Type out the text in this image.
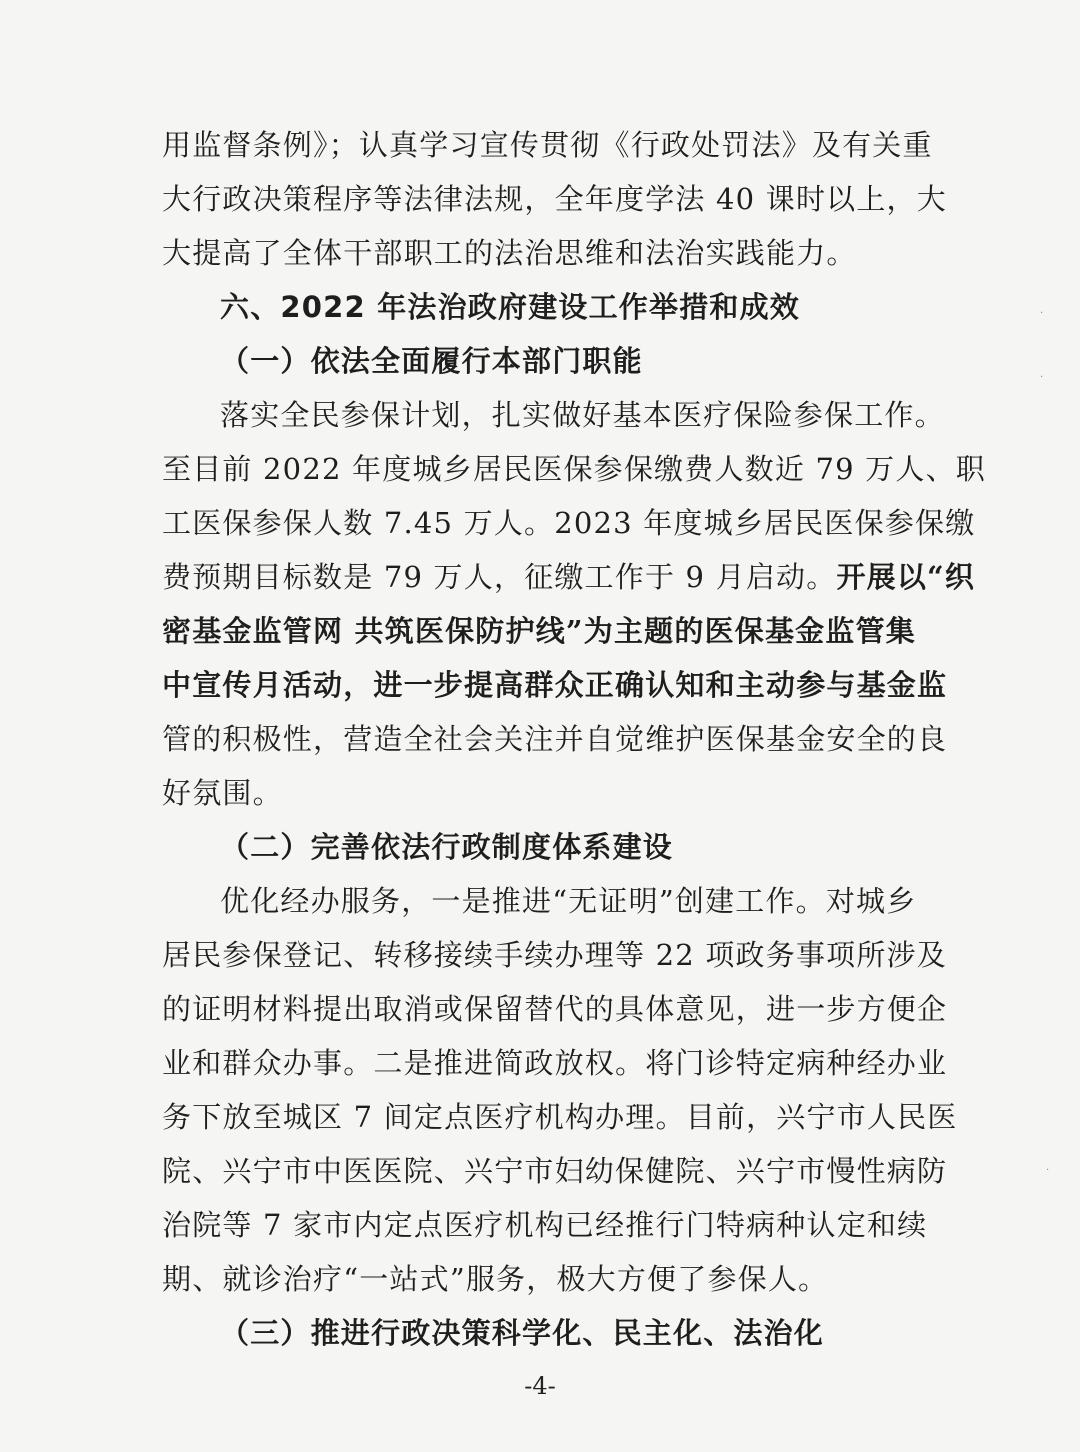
用监督条例》；认真学习宣传贯彻《行政处罚法》及有关重
大行政决策程序等法律法规，全年度学法 40 课时以上，大
大提高了全体干部职工的法治思维和法治实践能力。
六、2022 年法治政府建设工作举措和成效
（一）依法全面履行本部门职能
落实全民参保计划，扎实做好基本医疗保险参保工作。
至目前 2022 年度城乡居民医保参保缴费人数近 79 万人、职
工医保参保人数 7.45 万人。2023 年度城乡居民医保参保缴
费预期目标数是 79 万人，征缴工作于 9 月启动。开展以“织
密基金监管网 共筑医保防护线”为主题的医保基金监管集
中宣传月活动，进一步提高群众正确认知和主动参与基金监
管的积极性，营造全社会关注并自觉维护医保基金安全的良
好氛围。
（二）完善依法行政制度体系建设
优化经办服务，一是推进“无证明”创建工作。对城乡
居民参保登记、转移接续手续办理等 22 项政务事项所涉及
的证明材料提出取消或保留替代的具体意见，进一步方便企
业和群众办事。二是推进简政放权。将门诊特定病种经办业
务下放至城区 7 间定点医疗机构办理。目前，兴宁市人民医
院、兴宁市中医医院、兴宁市妇幼保健院、兴宁市慢性病防
治院等 7 家市内定点医疗机构已经推行门特病种认定和续
期、就诊治疗“一站式”服务，极大方便了参保人。
（三）推进行政决策科学化、民主化、法治化
-4-
·
·
·
